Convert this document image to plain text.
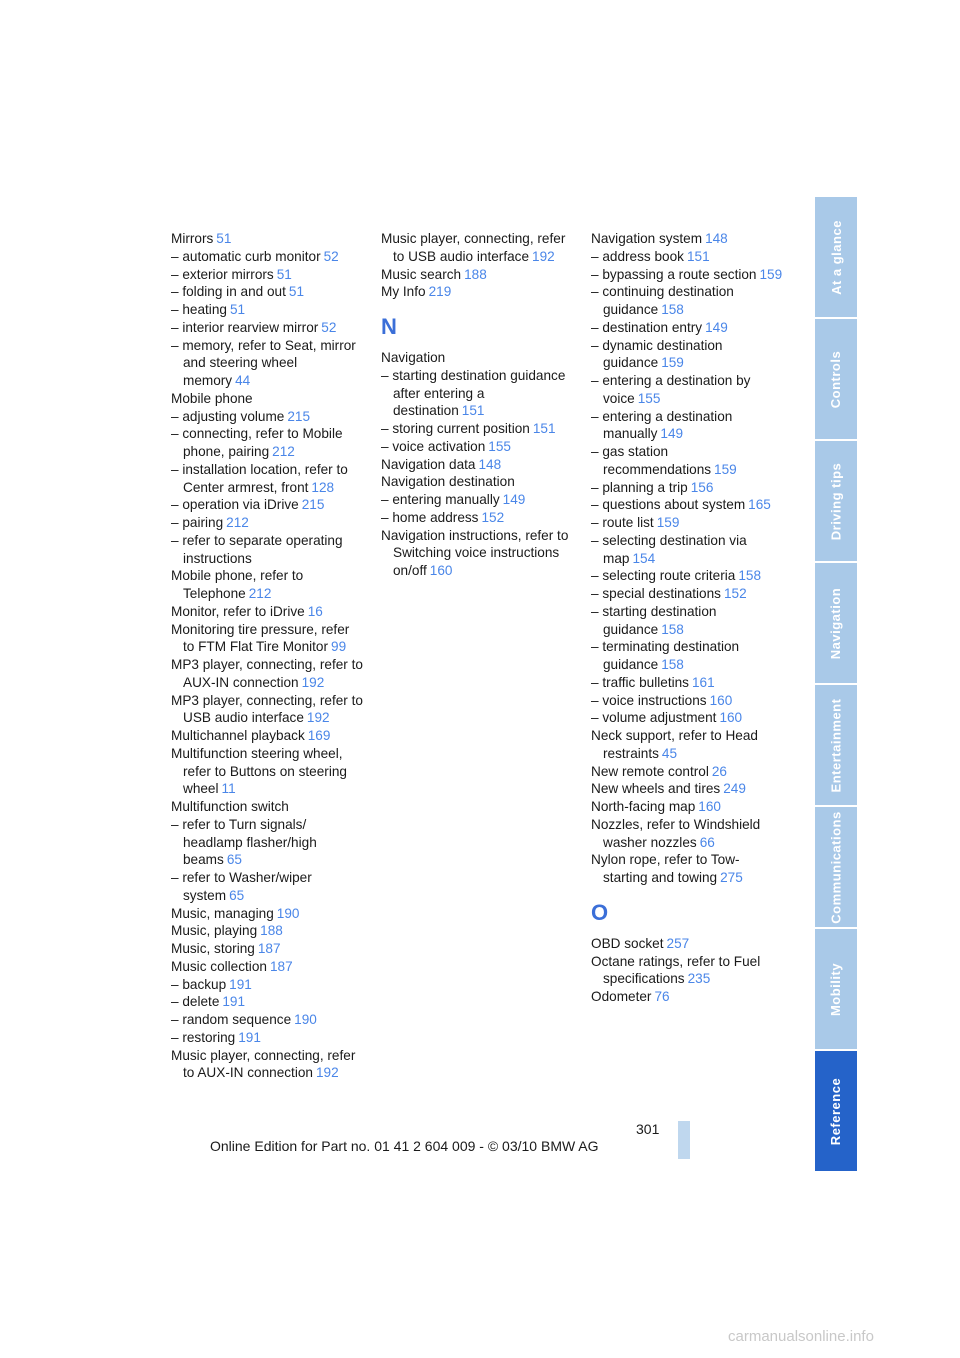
Mirrors 51
– automatic curb monitor 52
– exterior mirrors 51
– folding in and out 51
– heating 51
– interior rearview mirror 52
– memory, refer to Seat, mirror and steering wheel memory 44
Mobile phone
– adjusting volume 215
– connecting, refer to Mobile phone, pairing 212
– installation location, refer to Center armrest, front 128
– operation via iDrive 215
– pairing 212
– refer to separate operating instructions
Mobile phone, refer to Telephone 212
Monitor, refer to iDrive 16
Monitoring tire pressure, refer to FTM Flat Tire Monitor 99
MP3 player, connecting, refer to AUX-IN connection 192
MP3 player, connecting, refer to USB audio interface 192
Multichannel playback 169
Multifunction steering wheel, refer to Buttons on steering wheel 11
Multifunction switch
– refer to Turn signals/ headlamp flasher/high beams 65
– refer to Washer/wiper system 65
Music, managing 190
Music, playing 188
Music, storing 187
Music collection 187
– backup 191
– delete 191
– random sequence 190
– restoring 191
Music player, connecting, refer to AUX-IN connection 192
Music player, connecting, refer to USB audio interface 192
Music search 188
My Info 219
N
Navigation
– starting destination guidance after entering a destination 151
– storing current position 151
– voice activation 155
Navigation data 148
Navigation destination
– entering manually 149
– home address 152
Navigation instructions, refer to Switching voice instructions on/off 160
Navigation system 148
– address book 151
– bypassing a route section 159
– continuing destination guidance 158
– destination entry 149
– dynamic destination guidance 159
– entering a destination by voice 155
– entering a destination manually 149
– gas station recommendations 159
– planning a trip 156
– questions about system 165
– route list 159
– selecting destination via map 154
– selecting route criteria 158
– special destinations 152
– starting destination guidance 158
– terminating destination guidance 158
– traffic bulletins 161
– voice instructions 160
– volume adjustment 160
Neck support, refer to Head restraints 45
New remote control 26
New wheels and tires 249
North-facing map 160
Nozzles, refer to Windshield washer nozzles 66
Nylon rope, refer to Tow-starting and towing 275
O
OBD socket 257
Octane ratings, refer to Fuel specifications 235
Odometer 76
At a glance
Controls
Driving tips
Navigation
Entertainment
Communications
Mobility
Reference
301
Online Edition for Part no. 01 41 2 604 009 - © 03/10 BMW AG
carmanualsonline.info
